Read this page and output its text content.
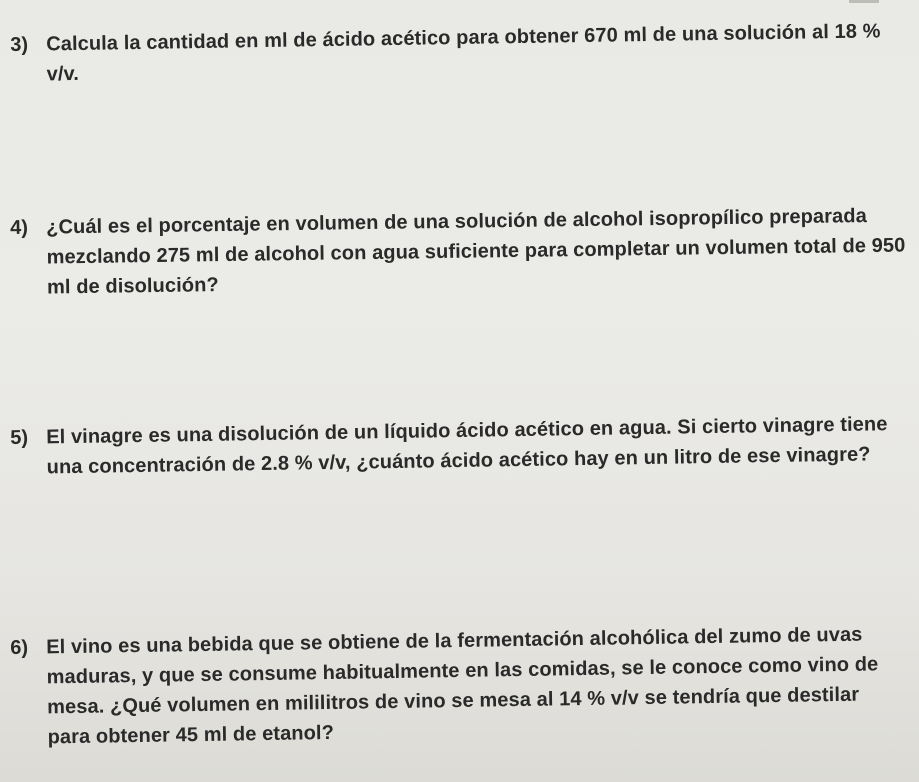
3) Calcula la cantidad en ml de ácido acético para obtener 670 ml de una solución al 18 % v/v.
4) ¿Cuál es el porcentaje en volumen de una solución de alcohol isopropílico preparada mezclando 275 ml de alcohol con agua suficiente para completar un volumen total de 950 ml de disolución?
5) El vinagre es una disolución de un líquido ácido acético en agua. Si cierto vinagre tiene una concentración de 2.8 % v/v, ¿cuánto ácido acético hay en un litro de ese vinagre?
6) El vino es una bebida que se obtiene de la fermentación alcohólica del zumo de uvas maduras, y que se consume habitualmente en las comidas, se le conoce como vino de mesa. ¿Qué volumen en mililitros de vino se mesa al 14 % v/v se tendría que destilar para obtener 45 ml de etanol?
